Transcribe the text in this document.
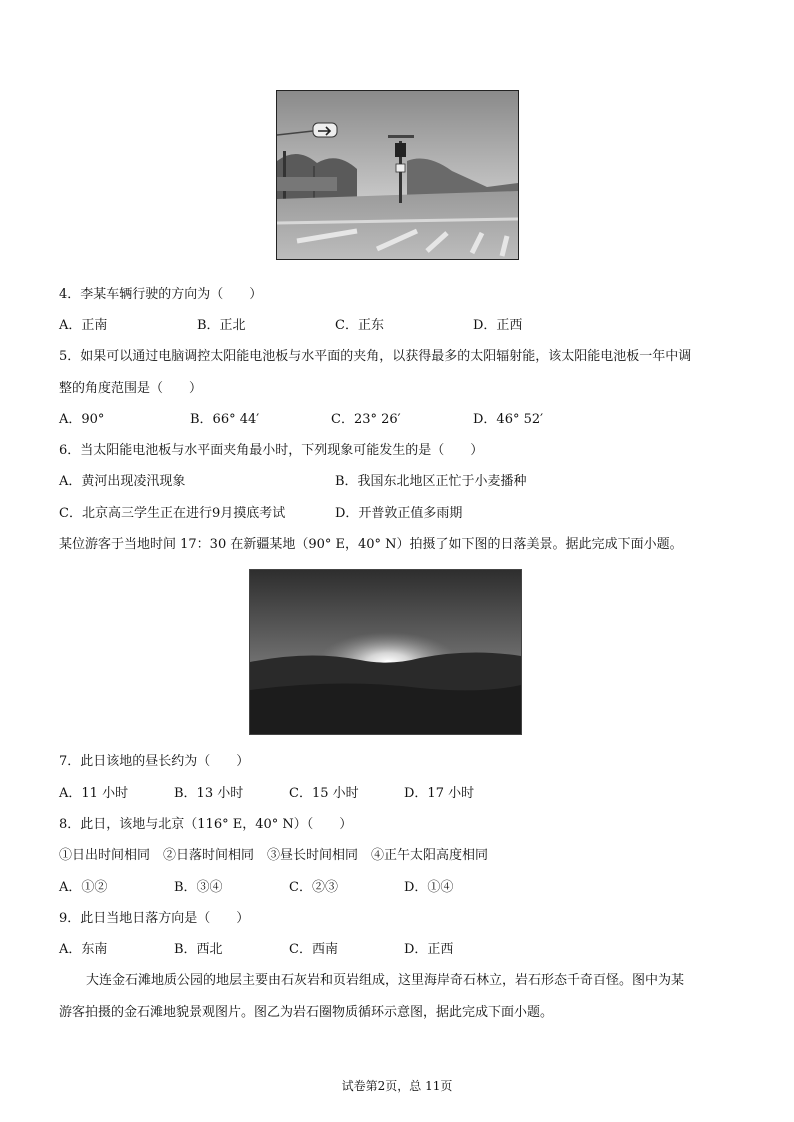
4．李某车辆行驶的方向为（　　）
A．正南	B．正北	C．正东	D．正西
5．如果可以通过电脑调控太阳能电池板与水平面的夹角，以获得最多的太阳辐射能，该太阳能电池板一年中调
整的角度范围是（　　）
A．90°	B．66° 44′	C．23° 26′	D．46° 52′
6．当太阳能电池板与水平面夹角最小时，下列现象可能发生的是（　　）
A．黄河出现凌汛现象	B．我国东北地区正忙于小麦播种
C．北京高三学生正在进行9月摸底考试	D．开普敦正值多雨期
某位游客于当地时间 17：30 在新疆某地（90° E，40° N）拍摄了如下图的日落美景。据此完成下面小题。
7．此日该地的昼长约为（　　）
A．11 小时	B．13 小时	C．15 小时	D．17 小时
8．此日，该地与北京（116° E，40° N）（　　）
①日出时间相同　②日落时间相同　③昼长时间相同　④正午太阳高度相同
A．①②	B．③④	C．②③	D．①④
9．此日当地日落方向是（　　）
A．东南	B．西北	C．西南	D．正西
大连金石滩地质公园的地层主要由石灰岩和页岩组成，这里海岸奇石林立，岩石形态千奇百怪。图中为某
游客拍摄的金石滩地貌景观图片。图乙为岩石圈物质循环示意图，据此完成下面小题。
试卷第2页，总 11页
